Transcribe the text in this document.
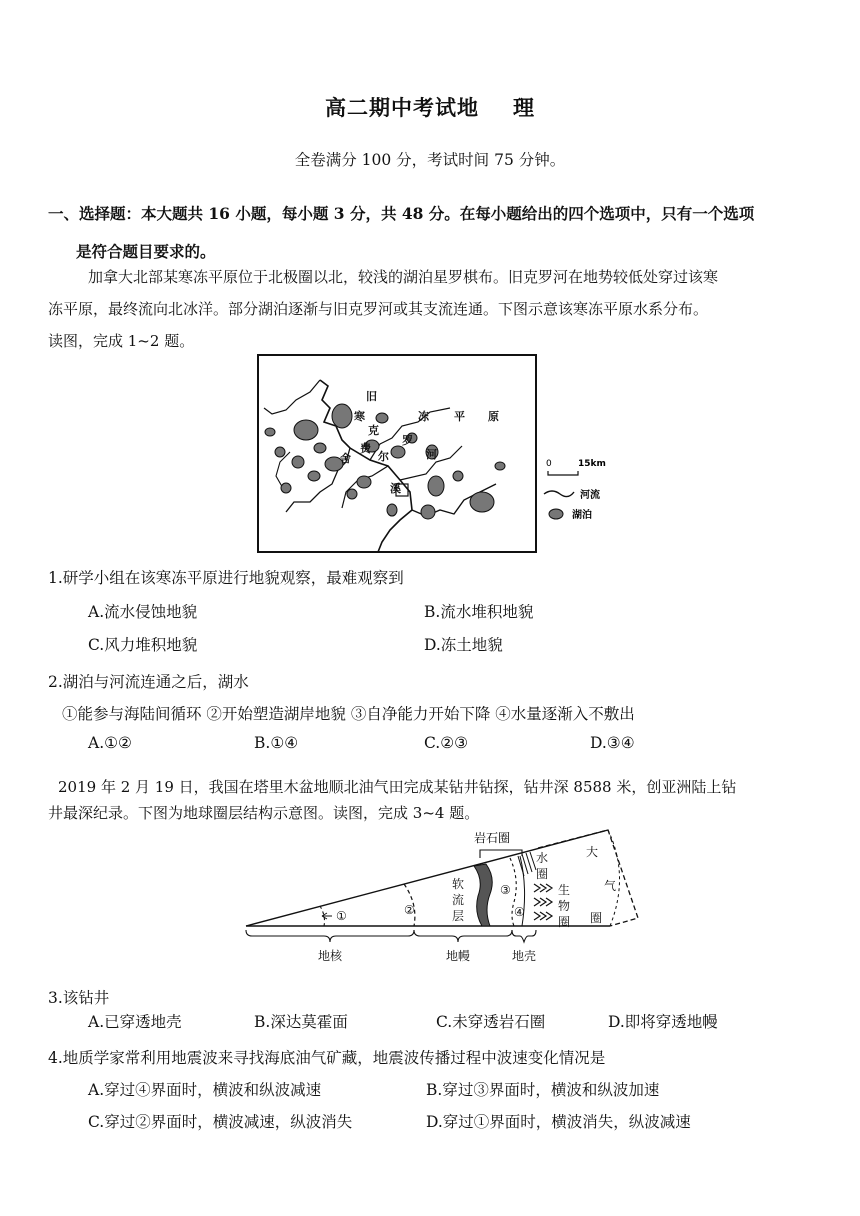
高二期中考试地 理
全卷满分 100 分，考试时间 75 分钟。
一、选择题：本大题共 16 小题，每小题 3 分，共 48 分。在每小题给出的四个选项中，只有一个选项
是符合题目要求的。
加拿大北部某寒冻平原位于北极圈以北，较浅的湖泊星罗棋布。旧克罗河在地势较低处穿过该寒
冻平原，最终流向北冰洋。部分湖泊逐渐与旧克罗河或其支流连通。下图示意该寒冻平原水系分布。
读图，完成 1~2 题。
旧
寒	冻 平 原
克
罗
河
舍
费
尔
溪
0	15km
河流
湖泊
1.研学小组在该寒冻平原进行地貌观察，最难观察到
A.流水侵蚀地貌	B.流水堆积地貌
C.风力堆积地貌	D.冻土地貌
2.湖泊与河流连通之后，湖水
①能参与海陆间循环 ②开始塑造湖岸地貌 ③自净能力开始下降 ④水量逐渐入不敷出
A.①②	B.①④	C.②③	D.③④
2019 年 2 月 19 日，我国在塔里木盆地顺北油气田完成某钻井钻探，钻井深 8588 米，创亚洲陆上钻
井最深纪录。下图为地球圈层结构示意图。读图，完成 3~4 题。
岩石圈
软
流
层
水
圈
生
物
圈
大
气
圈
①	②
③
④
地核	地幔	地壳
3.该钻井
A.已穿透地壳	B.深达莫霍面	C.未穿透岩石圈	D.即将穿透地幔
4.地质学家常利用地震波来寻找海底油气矿藏，地震波传播过程中波速变化情况是
A.穿过④界面时，横波和纵波减速	B.穿过③界面时，横波和纵波加速
C.穿过②界面时，横波减速，纵波消失	D.穿过①界面时，横波消失，纵波减速
